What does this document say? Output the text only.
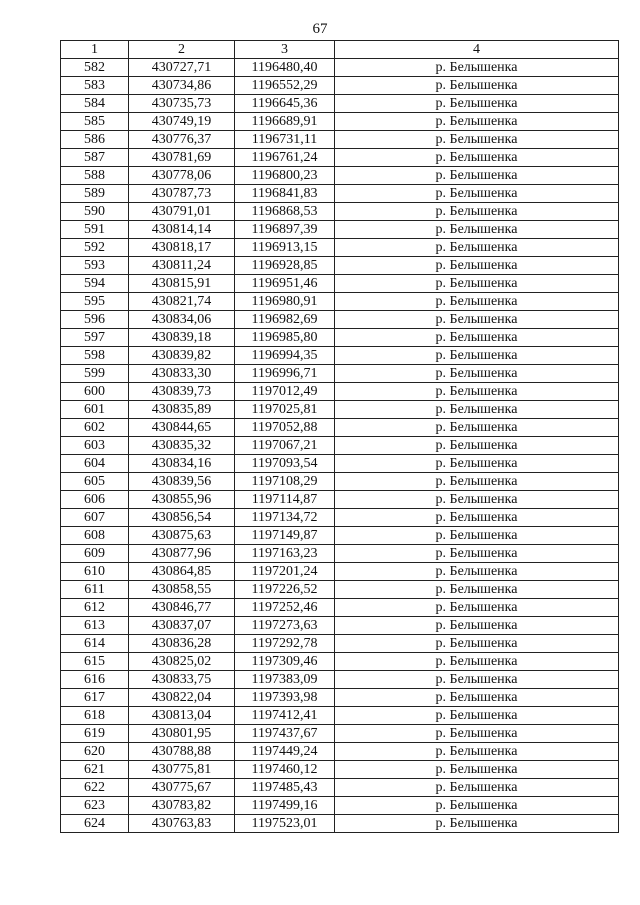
67
1	2	3	4
582	430727,71	1196480,40	р. Белышенка
583	430734,86	1196552,29	р. Белышенка
584	430735,73	1196645,36	р. Белышенка
585	430749,19	1196689,91	р. Белышенка
586	430776,37	1196731,11	р. Белышенка
587	430781,69	1196761,24	р. Белышенка
588	430778,06	1196800,23	р. Белышенка
589	430787,73	1196841,83	р. Белышенка
590	430791,01	1196868,53	р. Белышенка
591	430814,14	1196897,39	р. Белышенка
592	430818,17	1196913,15	р. Белышенка
593	430811,24	1196928,85	р. Белышенка
594	430815,91	1196951,46	р. Белышенка
595	430821,74	1196980,91	р. Белышенка
596	430834,06	1196982,69	р. Белышенка
597	430839,18	1196985,80	р. Белышенка
598	430839,82	1196994,35	р. Белышенка
599	430833,30	1196996,71	р. Белышенка
600	430839,73	1197012,49	р. Белышенка
601	430835,89	1197025,81	р. Белышенка
602	430844,65	1197052,88	р. Белышенка
603	430835,32	1197067,21	р. Белышенка
604	430834,16	1197093,54	р. Белышенка
605	430839,56	1197108,29	р. Белышенка
606	430855,96	1197114,87	р. Белышенка
607	430856,54	1197134,72	р. Белышенка
608	430875,63	1197149,87	р. Белышенка
609	430877,96	1197163,23	р. Белышенка
610	430864,85	1197201,24	р. Белышенка
611	430858,55	1197226,52	р. Белышенка
612	430846,77	1197252,46	р. Белышенка
613	430837,07	1197273,63	р. Белышенка
614	430836,28	1197292,78	р. Белышенка
615	430825,02	1197309,46	р. Белышенка
616	430833,75	1197383,09	р. Белышенка
617	430822,04	1197393,98	р. Белышенка
618	430813,04	1197412,41	р. Белышенка
619	430801,95	1197437,67	р. Белышенка
620	430788,88	1197449,24	р. Белышенка
621	430775,81	1197460,12	р. Белышенка
622	430775,67	1197485,43	р. Белышенка
623	430783,82	1197499,16	р. Белышенка
624	430763,83	1197523,01	р. Белышенка
